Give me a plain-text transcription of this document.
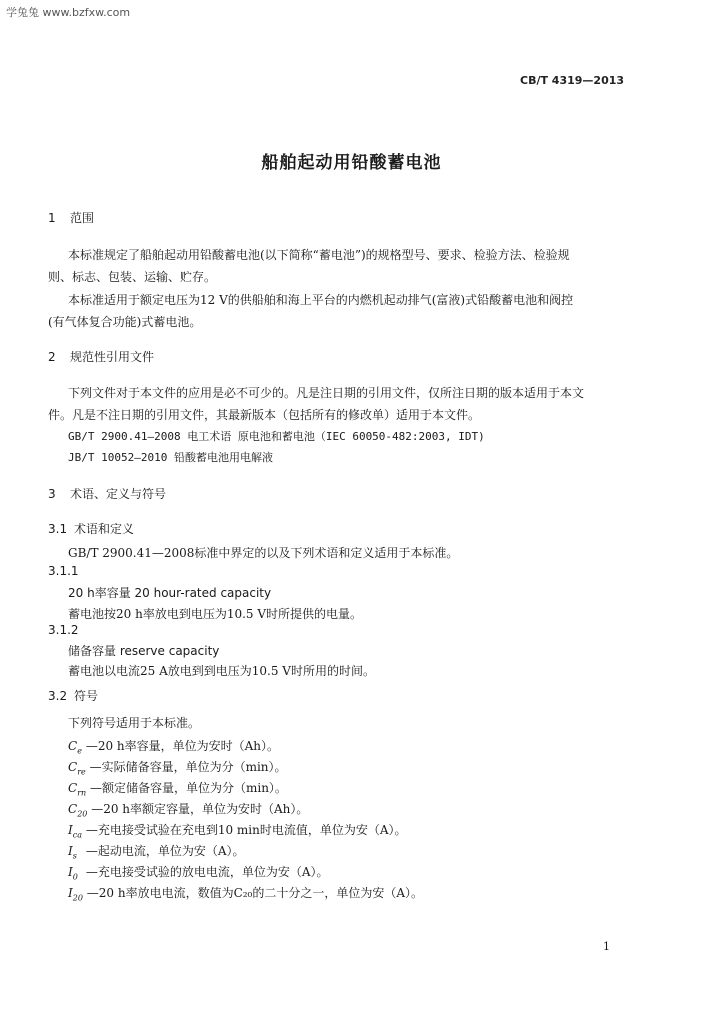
学兔兔 www.bzfxw.com
CB/T 4319—2013
船舶起动用铅酸蓄电池
1 范围
本标准规定了船舶起动用铅酸蓄电池(以下简称“蓄电池”)的规格型号、要求、检验方法、检验规
则、标志、包装、运输、贮存。
本标准适用于额定电压为12 V的供船舶和海上平台的内燃机起动排气(富液)式铅酸蓄电池和阀控
(有气体复合功能)式蓄电池。
2 规范性引用文件
下列文件对于本文件的应用是必不可少的。凡是注日期的引用文件，仅所注日期的版本适用于本文
件。凡是不注日期的引用文件，其最新版本（包括所有的修改单）适用于本文件。
GB/T 2900.41—2008 电工术语 原电池和蓄电池（IEC 60050-482:2003, IDT)
JB/T 10052—2010 铅酸蓄电池用电解液
3 术语、定义与符号
3.1 术语和定义
GB/T 2900.41—2008标准中界定的以及下列术语和定义适用于本标准。
3.1.1
20 h率容量 20 hour-rated capacity
蓄电池按20 h率放电到电压为10.5 V时所提供的电量。
3.1.2
储备容量 reserve capacity
蓄电池以电流25 A放电到到电压为10.5 V时所用的时间。
3.2 符号
下列符号适用于本标准。
$C_e$ —20 h率容量，单位为安时（Ah）。
$C_{re}$ —实际储备容量，单位为分（min）。
$C_{rn}$ —额定储备容量，单位为分（min）。
$C_{20}$ —20 h率额定容量，单位为安时（Ah）。
$I_{ca}$ —充电接受试验在充电到10 min时电流值，单位为安（A）。
$I_s$ —起动电流，单位为安（A）。
$I_0$ —充电接受试验的放电电流，单位为安（A）。
$I_{20}$ —20 h率放电电流，数值为C₂₀的二十分之一，单位为安（A）。
1
